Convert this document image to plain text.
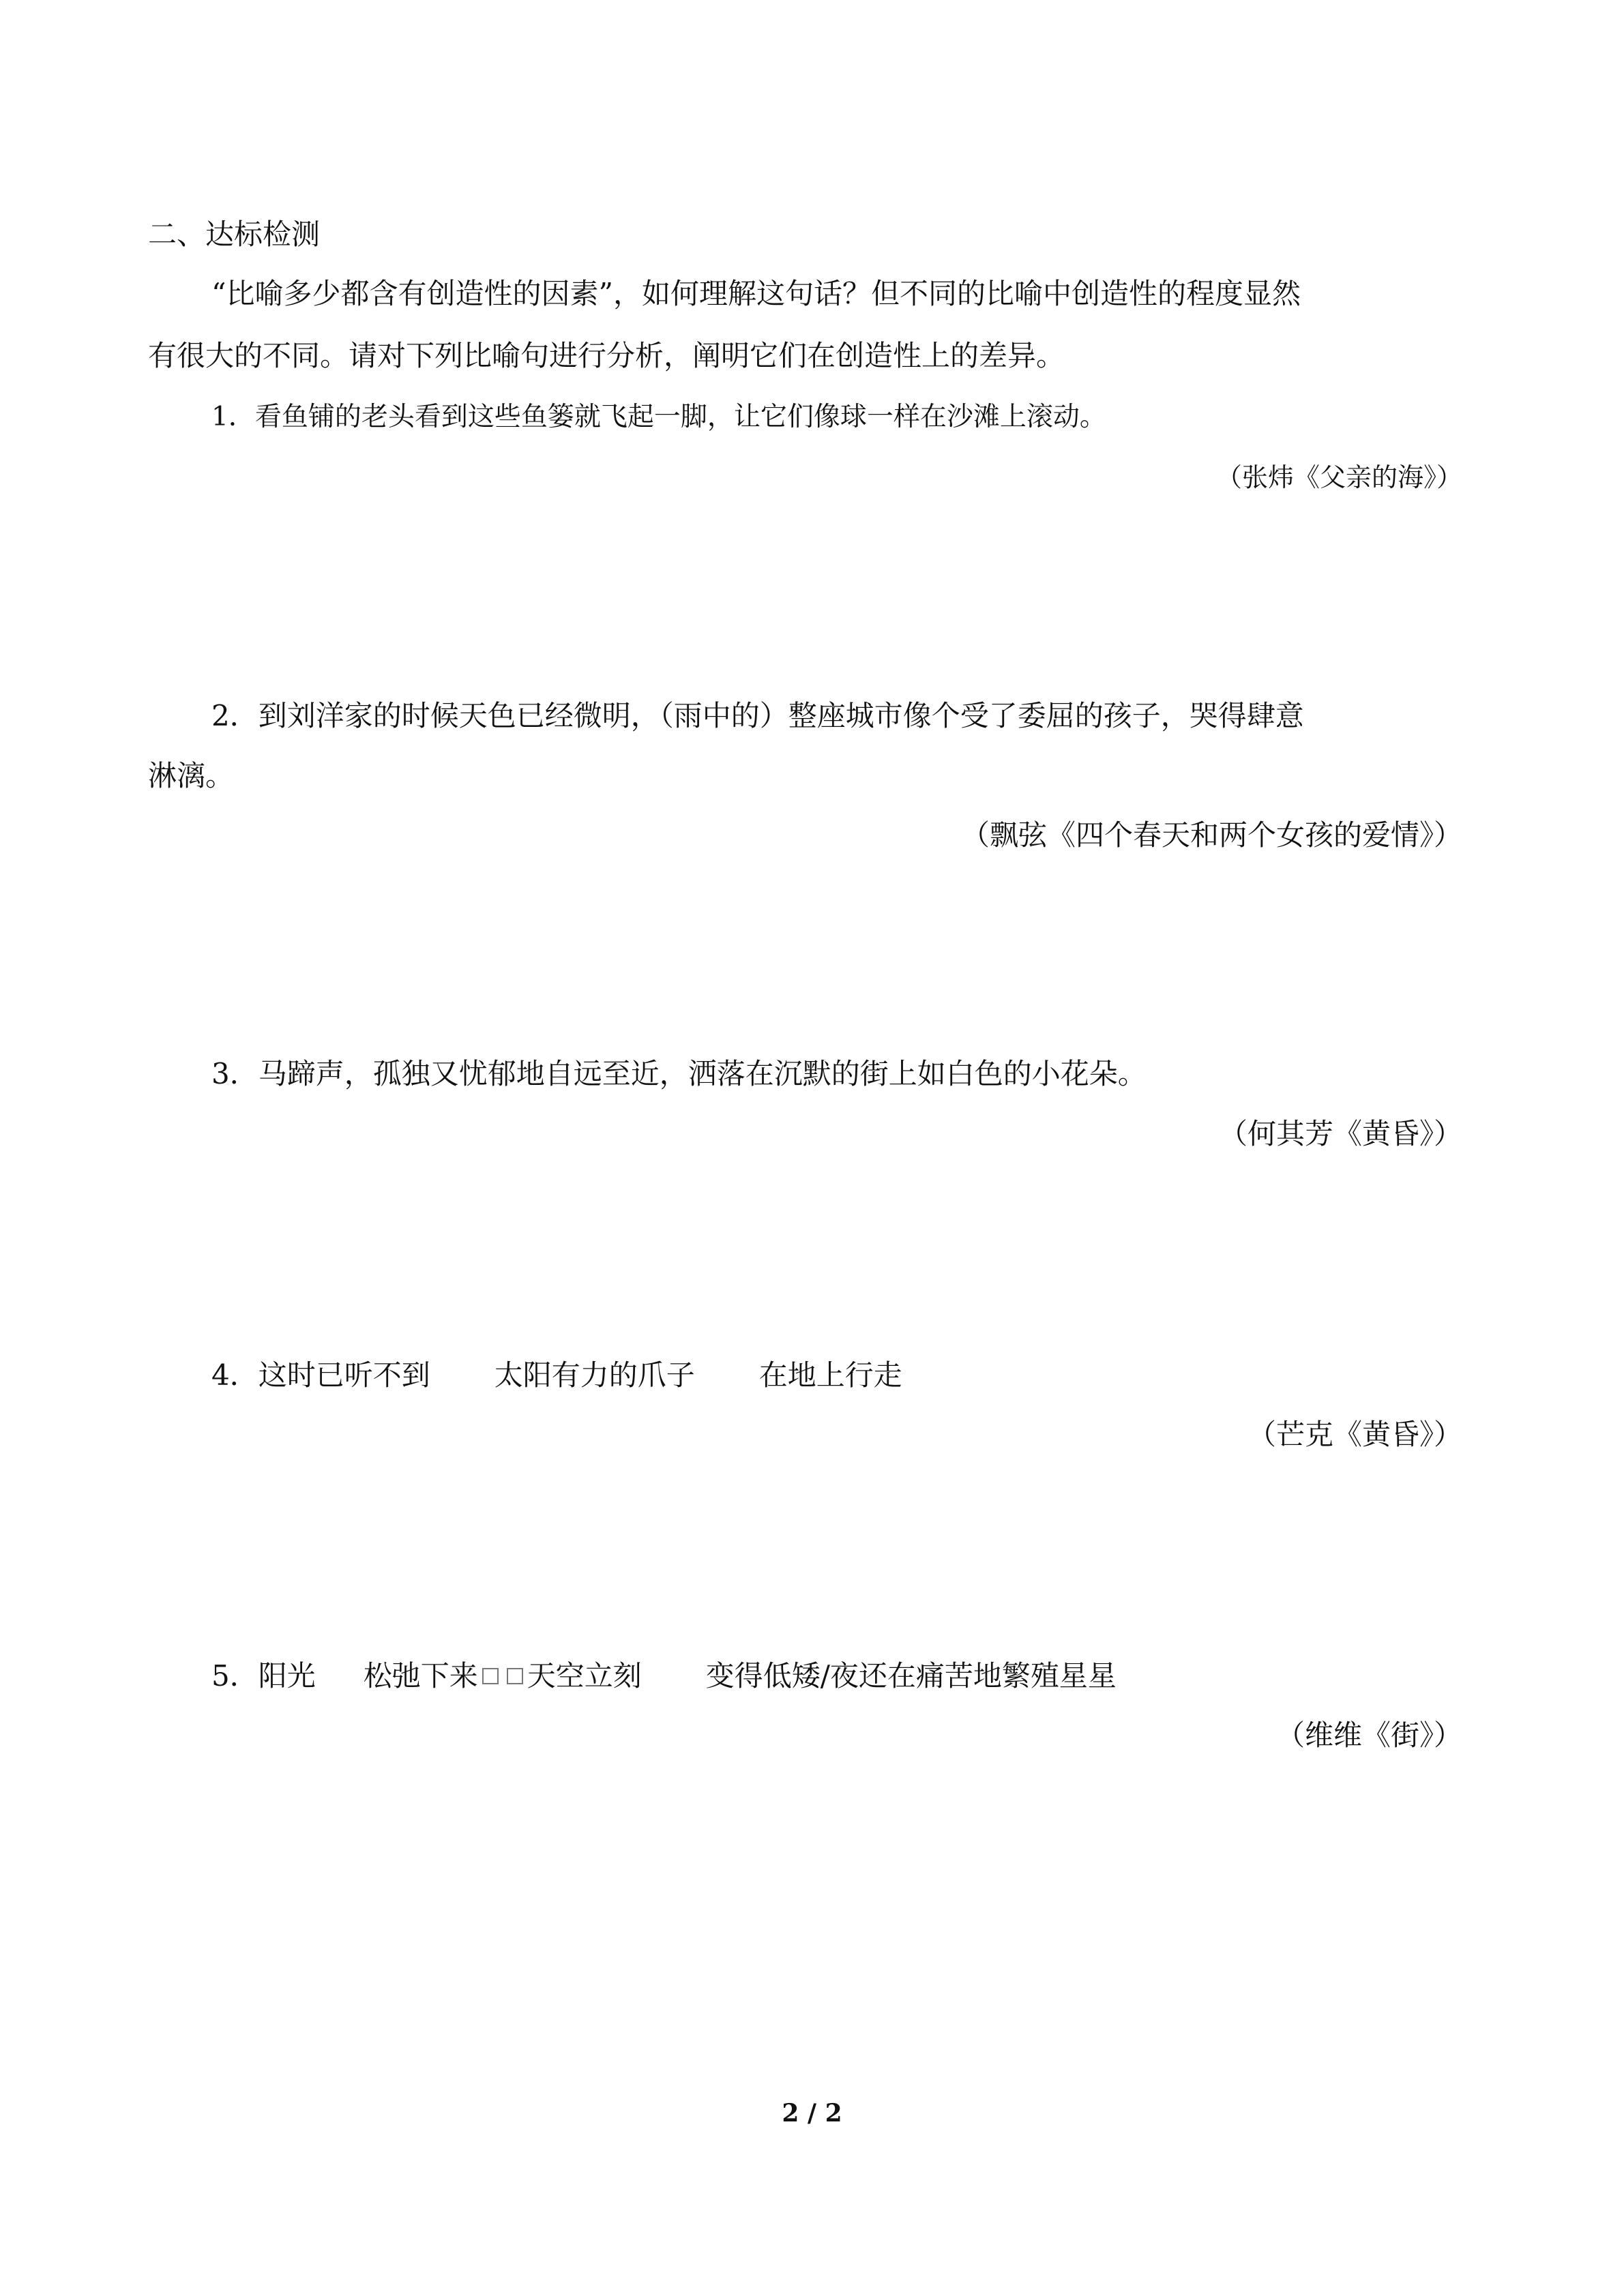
二、达标检测
“比喻多少都含有创造性的因素”，如何理解这句话？但不同的比喻中创造性的程度显然
有很大的不同。请对下列比喻句进行分析，阐明它们在创造性上的差异。
1．看鱼铺的老头看到这些鱼篓就飞起一脚，让它们像球一样在沙滩上滚动。
（张炜《父亲的海》）
2．到刘洋家的时候天色已经微明，（雨中的）整座城市像个受了委屈的孩子，哭得肆意
淋漓。
（飘弦《四个春天和两个女孩的爱情》）
3．马蹄声，孤独又忧郁地自远至近，洒落在沉默的街上如白色的小花朵。
（何其芳《黄昏》）
4．这时已听不到 太阳有力的爪子 在地上行走
（芒克《黄昏》）
5．阳光 松弛下来 天空立刻 变得低矮/夜还在痛苦地繁殖星星
（维维《街》）
2 / 2
